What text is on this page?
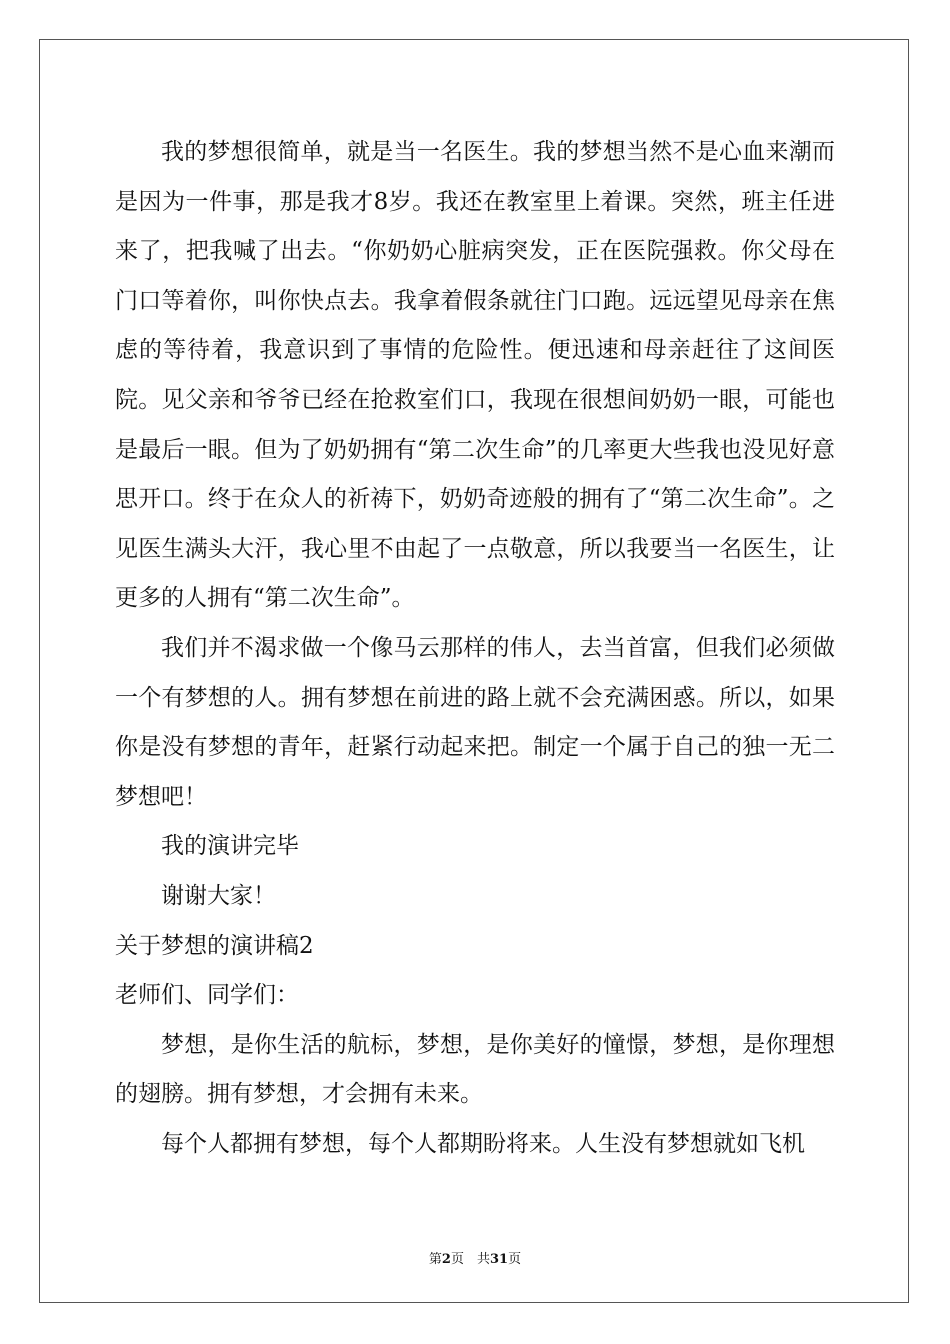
我的梦想很简单，就是当一名医生。我的梦想当然不是心血来潮而是因为一件事，那是我才8岁。我还在教室里上着课。突然，班主任进来了，把我喊了出去。“你奶奶心脏病突发，正在医院强救。你父母在门口等着你，叫你快点去。我拿着假条就往门口跑。远远望见母亲在焦虑的等待着，我意识到了事情的危险性。便迅速和母亲赶往了这间医院。见父亲和爷爷已经在抢救室们口，我现在很想间奶奶一眼，可能也是最后一眼。但为了奶奶拥有“第二次生命”的几率更大些我也没见好意思开口。终于在众人的祈祷下，奶奶奇迹般的拥有了“第二次生命”。之见医生满头大汗，我心里不由起了一点敬意，所以我要当一名医生，让更多的人拥有“第二次生命”。

我们并不渴求做一个像马云那样的伟人，去当首富，但我们必须做一个有梦想的人。拥有梦想在前进的路上就不会充满困惑。所以，如果你是没有梦想的青年，赶紧行动起来把。制定一个属于自己的独一无二梦想吧！

我的演讲完毕

谢谢大家！

关于梦想的演讲稿2

老师们、同学们：

梦想，是你生活的航标，梦想，是你美好的憧憬，梦想，是你理想的翅膀。拥有梦想，才会拥有未来。

每个人都拥有梦想，每个人都期盼将来。人生没有梦想就如飞机

第2页　共31页
